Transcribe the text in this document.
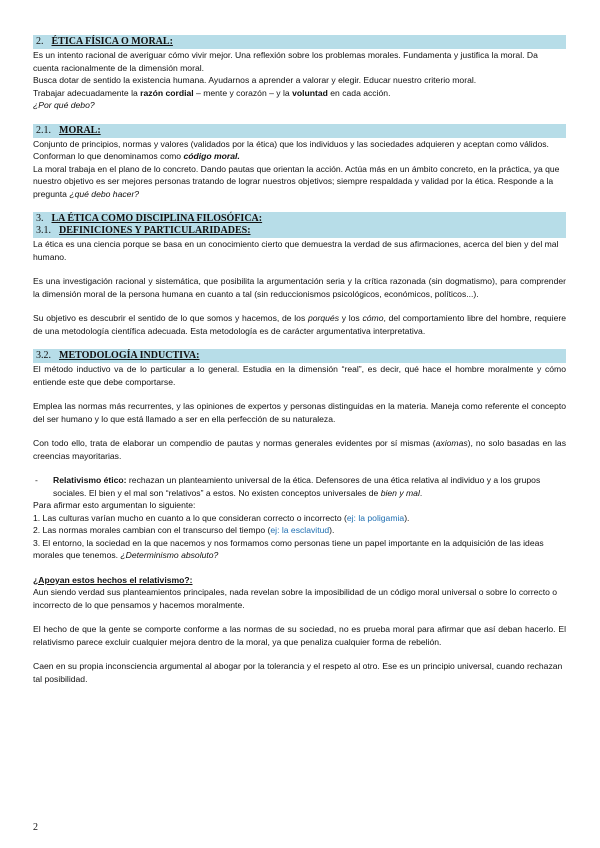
2. ÉTICA FÍSICA O MORAL:

Es un intento racional de averiguar cómo vivir mejor. Una reflexión sobre los problemas morales. Fundamenta y justifica la moral. Da cuenta racionalmente de la dimensión moral.

Busca dotar de sentido la existencia humana. Ayudarnos a aprender a valorar y elegir. Educar nuestro criterio moral.

Trabajar adecuadamente la razón cordial – mente y corazón – y la voluntad en cada acción.

¿Por qué debo?

2.1. MORAL:

Conjunto de principios, normas y valores (validados por la ética) que los individuos y las sociedades adquieren y aceptan como válidos. Conforman lo que denominamos como código moral.

La moral trabaja en el plano de lo concreto. Dando pautas que orientan la acción. Actúa más en un ámbito concreto, en la práctica, ya que nuestro objetivo es ser mejores personas tratando de lograr nuestros objetivos; siempre respaldada y validad por la ética. Responde a la pregunta ¿qué debo hacer?

3. LA ÉTICA COMO DISCIPLINA FILOSÓFICA:
3.1. DEFINICIONES Y PARTICULARIDADES:

La ética es una ciencia porque se basa en un conocimiento cierto que demuestra la verdad de sus afirmaciones, acerca del bien y del mal humano.

Es una investigación racional y sistemática, que posibilita la argumentación seria y la crítica razonada (sin dogmatismo), para comprender la dimensión moral de la persona humana en cuanto a tal (sin reduccionismos psicológicos, económicos, políticos...).

Su objetivo es descubrir el sentido de lo que somos y hacemos, de los porqués y los cómo, del comportamiento libre del hombre, requiere de una metodología científica adecuada. Esta metodología es de carácter argumentativa interpretativa.

3.2. METODOLOGÍA INDUCTIVA:

El método inductivo va de lo particular a lo general. Estudia en la dimensión “real”, es decir, qué hace el hombre moralmente y cómo entiende este que debe comportarse.

Emplea las normas más recurrentes, y las opiniones de expertos y personas distinguidas en la materia. Maneja como referente el concepto del ser humano y lo que está llamado a ser en ella perfección de su naturaleza.

Con todo ello, trata de elaborar un compendio de pautas y normas generales evidentes por sí mismas (axiomas), no solo basadas en las creencias mayoritarias.

-	Relativismo ético: rechazan un planteamiento universal de la ética. Defensores de una ética relativa al individuo y a los grupos sociales. El bien y el mal son “relativos” a estos. No existen conceptos universales de bien y mal.

Para afirmar esto argumentan lo siguiente:

1. Las culturas varían mucho en cuanto a lo que consideran correcto o incorrecto (ej: la poligamia).

2. Las normas morales cambian con el transcurso del tiempo (ej: la esclavitud).

3. El entorno, la sociedad en la que nacemos y nos formamos como personas tiene un papel importante en la adquisición de las ideas morales que tenemos. ¿Determinismo absoluto?

¿Apoyan estos hechos el relativismo?:

Aun siendo verdad sus planteamientos principales, nada revelan sobre la imposibilidad de un código moral universal o sobre lo correcto o incorrecto de lo que pensamos y hacemos moralmente.

El hecho de que la gente se comporte conforme a las normas de su sociedad, no es prueba moral para afirmar que así deban hacerlo. El relativismo parece excluir cualquier mejora dentro de la moral, ya que penaliza cualquier forma de rebelión.

Caen en su propia inconsciencia argumental al abogar por la tolerancia y el respeto al otro. Ese es un principio universal, cuando rechazan tal posibilidad.

2
